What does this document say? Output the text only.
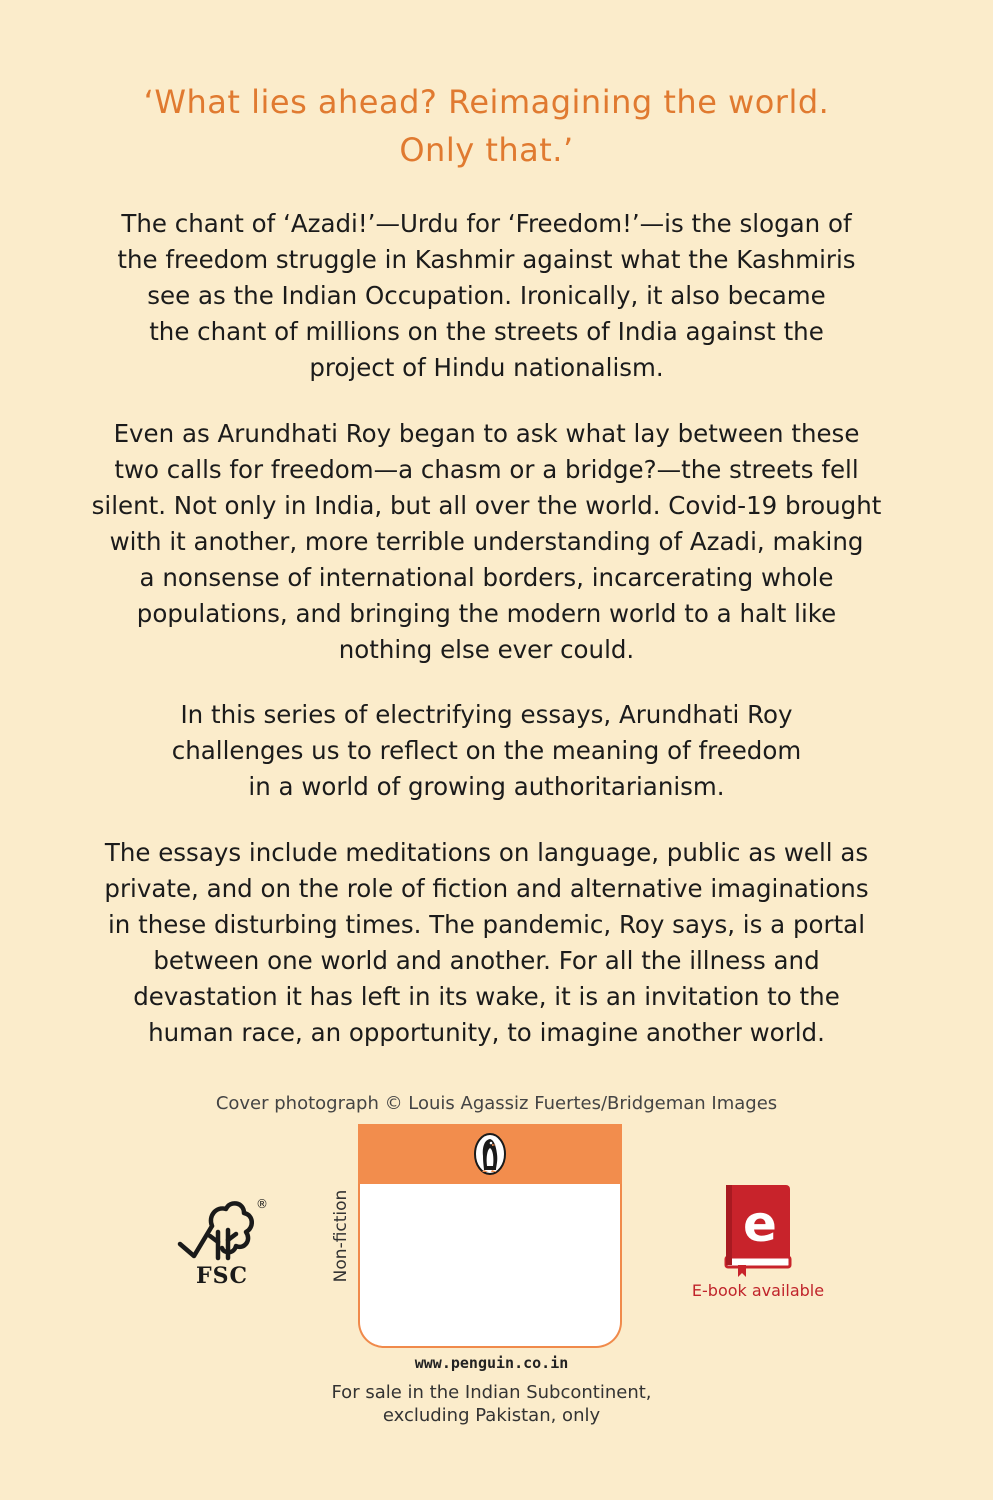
‘What lies ahead? Reimagining the world.
Only that.’
The chant of ‘Azadi!’—Urdu for ‘Freedom!’—is the slogan of
the freedom struggle in Kashmir against what the Kashmiris
see as the Indian Occupation. Ironically, it also became
the chant of millions on the streets of India against the
project of Hindu nationalism.
Even as Arundhati Roy began to ask what lay between these
two calls for freedom—a chasm or a bridge?—the streets fell
silent. Not only in India, but all over the world. Covid-19 brought
with it another, more terrible understanding of Azadi, making
a nonsense of international borders, incarcerating whole
populations, and bringing the modern world to a halt like
nothing else ever could.
In this series of electrifying essays, Arundhati Roy
challenges us to reflect on the meaning of freedom
in a world of growing authoritarianism.
The essays include meditations on language, public as well as
private, and on the role of fiction and alternative imaginations
in these disturbing times. The pandemic, Roy says, is a portal
between one world and another. For all the illness and
devastation it has left in its wake, it is an invitation to the
human race, an opportunity, to imagine another world.
Cover photograph © Louis Agassiz Fuertes/Bridgeman Images
®
FSC	Non-fiction
www.penguin.co.in
For sale in the Indian Subcontinent,
excluding Pakistan, only
e
E-book available
